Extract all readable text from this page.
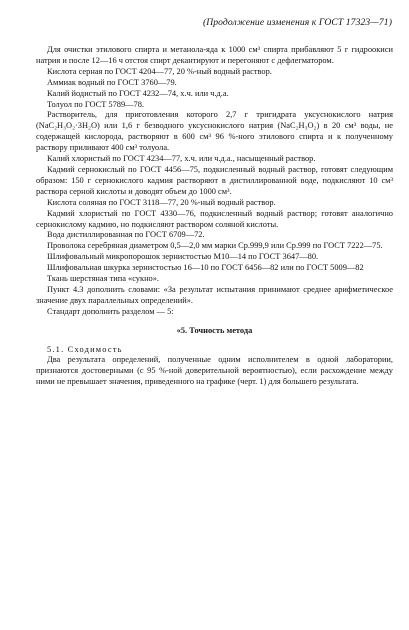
(Продолжение изменения к ГОСТ 17323—71)

Для очистки этилового спирта и метанола-яда к 1000 см³ спирта прибавляют 5 г гидроокиси натрия и после 12—16 ч отстоя спирт декантируют и перегоняют с дефлегматором.

Кислота серная по ГОСТ 4204—77, 20 %-ный водный раствор.

Аммиак водный по ГОСТ 3760—79.

Калий йодистый по ГОСТ 4232—74, х.ч. или ч.д.а.

Толуол по ГОСТ 5789—78.

Растворитель, для приготовления которого 2,7 г тригидрата уксуснокислого натрия (NaC₂H₃O₂·3H₂O) или 1,6 г безводного уксуснокислого натрия (NaC₂H₃O₂) в 20 см³ воды, не содержащей кислорода, растворяют в 600 см³ 96 %-ного этилового спирта и к полученному раствору приливают 400 см³ толуола.

Калий хлористый по ГОСТ 4234—77, х.ч. или ч.д.а., насыщенный раствор.

Кадмий сернокислый по ГОСТ 4456—75, подкисленный водный раствор, готовят следующим образом: 150 г сернокислого кадмия растворяют в дистиллированной воде, подкисляют 10 см³ раствора серной кислоты и доводят объем до 1000 см³.

Кислота соляная по ГОСТ 3118—77, 20 %-ный водный раствор.

Кадмий хлористый по ГОСТ 4330—76, подкисленный водный раствор; готовят аналогично сернокислому кадмию, но подкисляют раствором соляной кислоты.

Вода дистиллированная по ГОСТ 6709—72.

Проволока серебряная диаметром 0,5—2,0 мм марки Ср.999,9 или Ср.999 по ГОСТ 7222—75.

Шлифовальный микропорошок зернистостью М10—14 по ГОСТ 3647—80.

Шлифовальная шкурка зернистостью 16—10 по ГОСТ 6456—82 или по ГОСТ 5009—82

Ткань шерстяная типа «сукно».

Пункт 4.3 дополнить словами: «За результат испытания принимают среднее арифметическое значение двух параллельных определений».

Стандарт дополнить разделом — 5:

«5. Точность метода

5.1. Сходимость

Два результата определений, полученные одним исполнителем в одной лаборатории, признаются достоверными (с 95 %-ной доверительной вероятностью), если расхождение между ними не превышает значения, приведенного на графике (черт. 1) для большего результата.
